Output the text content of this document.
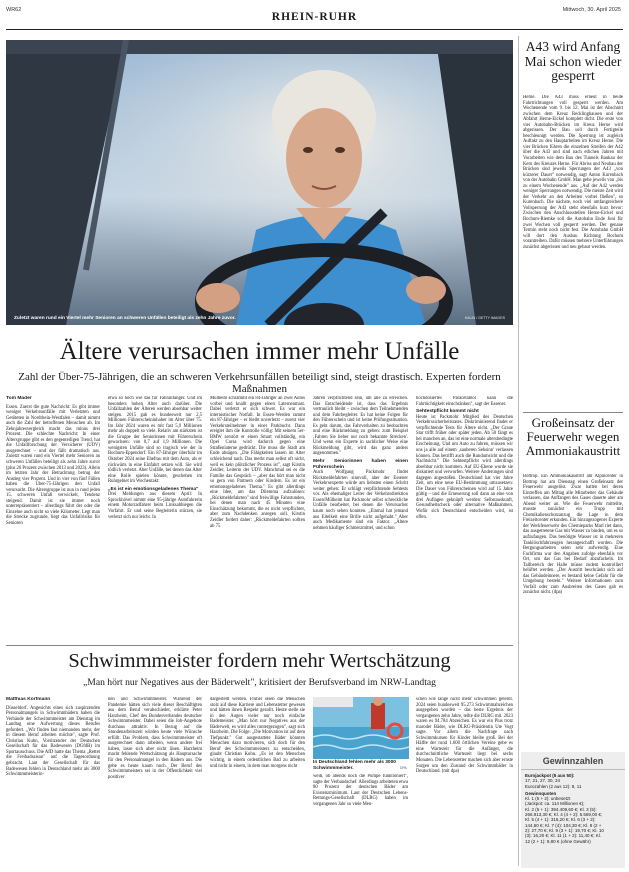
WR62
RHEIN-RUHR
Mittwoch, 30. April 2025
Zuletzt waren rund ein Viertel mehr Senioren an schweren Unfällen beteiligt als zehn Jahre zuvor.	KALIN / GETTY IMAGES
Ältere verursachen immer mehr Unfälle
Zahl der Über-75-Jährigen, die an schweren Verkehrsunfällen beteiligt sind, steigt drastisch. Experten fordern Maßnahmen
Tom Mader
Essen. Zuerst die gute Nachricht: Es gibt immer weniger Verkehrsunfälle mit Verletzten und Getöteten in Nordrhein-Westfalen – damit nimmt auch die Zahl der betroffenen Menschen ab. Im Zehnjahresvergleich macht das minus drei Prozent. Die schlechte Nachricht: In einer Altersgruppe gibt es den gegenteiligen Trend, hat die Unfallforschung der Versicherer (UDV) ausgerechnet – und der fällt dramatisch aus. Zuletzt waren rund ein Viertel mehr Senioren an schweren Unfällen beteiligt als zehn Jahre zuvor (plus 26 Prozent zwischen 2013 und 2023). Allein im letzten Jahr der Betrachtung betrug der Anstieg vier Prozent. Und in vier von fünf Fällen haben die Über-75-Jährigen den Unfall verursacht. Die Altersgruppe ist nun in rund jeden 15. schweren Unfall verwickelt, Tendenz steigend. Damit ist sie immer noch unterrepräsentiert – allerdings führt der oder die Einzelne auch nicht so viele Kilometer. Legt man die Strecke zugrunde, liegt das Unfallrisiko für Senioren
etwa so hoch wie das für Fahranfänger. Und im besonders hohen Alter auch darüber. Die Unfallzahlen der Älteren werden absehbar weiter steigen. 2015 gab es bundesweit nur 2,5 Millionen Führerscheininhaber im Alter über 75. Im Jahr 2024 waren es mit fast 5,9 Millionen mehr als doppelt so viele. Relativ am stärksten ist die Gruppe der Seniorinnen mit Führerschein gewachsen: von 0,7 auf 1,9 Millionen. Die wenigsten Unfälle sind so tragisch wie der in Bochum-Eppendorf. Ein 87-Jähriger überfuhr im Oktober 2024 seine Ehefrau mit dem Auto, als er rückwärts in eine Einfahrt setzen will. Sie wird tödlich verletzt. Aber Unfälle, bei denen das Alter eine Rolle spielen könnte, geschehen im Ruhrgebiet im Wochentakt:
„Es ist ein emotionsgeladenes Thema"
Drei Meldungen aus diesem April: In Sprockhövel nimmt eine 95-jährige Autofahrerin einem Motorradfahrer beim Linksabbiegen die Vorfahrt. Er und seine Begleiterin stürzen, sie verletzt sich nur leicht. In
Mülheim schrammt ein 84-Jähriger an zwei Autos vorbei und knallt gegen einen Laternenmast. Dabei verletzt er sich schwer. Es war ein internistischer Notfall. In Essen-Werden rammt ein 87-Jähriger – er bleibt unverletzt – zuerst vier Verkehrsteilnehmer in einer Parkbucht. Dann ereiglet ihm die Kontrolle völlig: Mit seinem 5er-BMW zerstört er einen Smart vollständig, ein Opel Corsa wird dadurch gegen eine Straßenlaterne gedrückt. Die muss die Stadt am Ende absägen. „Die Fähigkeiten lassen im Alter schleichend nach. Das merkt man selbst oft nicht, weil es kein plötzlicher Prozess ist", sagt Kirstin Zeidler, Leiterin der UDV. Manchmal sei es die Familie das Gespräch – „aber das hört man nicht so gern von Partnern oder Kindern. Es ist ein emotionsgeladenes Thema." Es gibt allerdings eine Idee, um das Dilemma aufzulösen: „Rückmeldefahrten" sind freiwillige Fahrstunden, bei denen man nach 45 Minuten eine Einschätzung bekommt, die es nicht verpflichtet, aber zum Nachdenken anregen soll. Kirstin Zeidler fordert daher: „Rückmeldefahrten sollten ab 75
Jahren verpflichtend sein, um alle zu erreichen. Das Entscheidende ist, dass das Ergebnis vertraulich bleibt – zwischen dem Teilnehmenden und dem Fahrbegleiter. Es hat keine Folgen für den Führerschein und ist keine Prüfungssituation. Es geht darum, das Fahrverhalten zu beobachten und eine Rückmeldung zu geben: zum Beispiel ‚Fahren Sie lieber nur noch bekannte Strecken'. Und wenn ein Experte in sachlicher Weise eine Rückmeldung gibt, wird das ganz anders angenommen."
Mehr Seniorinnen haben einen Führerschein
Auch Wolfgang Packmohr findet Rückmeldefahrten sinnvoll, aber der Essener Verkehrsexperte würde am liebsten einen Schritt weiter gehen: Er schlägt verpflichtende Sehtests vor. Als ehemaliger Leiter der Verkehrsdirektion Essen/Mülheim hat Packmohr selbst schreckliche Unfälle bearbeitet, bei denen die Verursacher kaum noch sehen konnten. „Einmal hat jemand aus Eitelkeit eine Brille nicht aufgehabt." Aber auch Medikamente sind ein Faktor. „Ältere nehmen häufiger Schmerzmittel, und schon
hochdosiertes Paracetamol kann die Fahrtüchtigkeit einschränken", sagt der Essener.
Sehtestpflicht kommt nicht
Heute ist Packmohr Mitglied des Deutschen Verkehrssicherheitsrates. Diskriminierend findet er verpflichtende Tests für Ältere nicht. „Der Graue Star trifft früher oder später jeden. Ab 50 fängt es bei manchen an, das ist eine normale altersbedingte Erscheinung. Und um Auto zu fahren, müssen wir uns ja alle auf einem ‚sauberen Sehsinn' verlassen können. Das betrifft auch die Rundumsicht und die Nachtsicht." Die Sehtestpflicht wird allerdings absehbar nicht kommen. Auf EU-Ebene wurde sie diskutiert und verworfen. Weitere Änderungen sind dagegen angestoßen. Deutschland hat vier Jahre Zeit, um eine neue EU-Bestimmung umzusetzen: Die Dauer von Führerscheinen wird auf 15 Jahre gültig – und die Erneuerung soll dann an eine von drei Auflagen geknüpft werden: Selbstauskunft, Gesundheitscheck oder alternative Maßnahmen. Wofür sich Deutschland entscheiden wird, ist offen.
Schwimmmeister fordern mehr Wertschätzung
„Man hört nur Negatives aus der Bäderwelt", kritisiert der Berufsverband im NRW-Landtag
Matthias Korfmann
Düsseldorf. Angesichts eines sich zuspitzenden Personalmangels in Schwimmbädern haben die Verbände der Schwimmmeister am Dienstag im Landtag eine Aufwertung dieses Berufes gefordert. „Wir finden fast niemanden mehr, der in diesem Beruf arbeiten möchte", sagte Prof. Christian Kuhn, Vorsitzender der Deutschen Gesellschaft für das Badewesen (DGfdB) im Sportausschuss. Die AfD hatte das Thema „Rettet die Freibadsaison" auf die Tagesordnung gebracht. Laut der Gesellschaft für das Badewesen fehlen in Deutschland mehr als 3000 Schwimmmeisterin-
nen und Schwimmmeister. Während der Pandemie hätten sich viele dieser Beschäftigten aus dem Beruf verabschiedet, erklärte Peter Harzheim, Chef des Bundesverbandes deutscher Schwimmmeister. Dabei seien die Job-Angebote durchaus attraktiv. In Bezug auf die Stundenarbeitszeit würden heute viele Wünsche erfüllt. Das Problem, dass Schwimmmeister oft ausgerechnet dann arbeiten, wenn andere frei haben, lasse sich aber nicht lösen. Harzheim macht fehlende Wertschätzung als Hauptursache für den Personalmangel in den Bädern aus. Die gebe es heute kaum noch. Der Beruf des Schwimmmeisters sei in der Öffentlichkeit viel positiver
dargestellt werden. Früher seien die Menschen stolz auf diese Karriere und Lebensretter gewesen und hätten ihnen Respekt gezollt. Heute stelle sie in den Augen vieler nur noch einfache Bademeister. „Man hört nur Negatives aus der Bäderwelt, es wird alles runtergezogen", sagt sich Harzheim. Die Folge: „Die Motivation ist auf dem Tiefpunkt." Gut ausgestattete Bäder könnten Menschen dazu motivieren, sich doch für den Beruf des Schwimmmeisters zu entscheiden, glaubt Christian Kuhn. „Es ist den Menschen wichtig, in einem ordentlichen Bad zu arbeiten und nicht in einem, in dem man morgens nicht
In Deutschland fehlen mehr als 3000 Schwimmmeister.	DPA
weiß, ob abends noch die Pumpe funktioniert", sagte der Verbandschef. Allerdings arbeiteten etwa 80 Prozent der deutschen Bäder am Existenzminimum. Laut der Deutschen Lebens-Rettungs-Gesellschaft (DLRG) haben im vergangenen Jahr so viele Men-
schen wie lange nicht mehr schwimmen gelernt. 2024 seien bundesweit 95.273 Schwimmabzeichen ausgegeben worden – das beste Ergebnis der vergangenen zehn Jahre, teilte die DLRG mit. 2023 waren es 94.784 Abzeichen. Es war ein Plus trotz maroder Bäder, wie DLRG-Präsidentin Ute Vogt sagte. Vor allem die Nachfrage nach Schwimmkursen für Kinder bleibe groß. Bei der Hälfte der rund 1.600 örtlichen Vereine gebe es eine Wartezeit für die Anfänger, die durchschnittliche Wartezeit liegt bei sechs Monaten. Die Lebensretter machen sich aber ernste Sorgen um den Zustand der Schwimmbäder in Deutschland. (mit dpa)
A43 wird Anfang Mai schon wieder gesperrt
Herne. Die A43 muss erneut in beide Fahrtrichtungen voll gesperrt werden. Am Wochenende vom 9. bis 12. Mai ist der Abschnitt zwischen dem Kreuz Recklinghausen und der Abfahrt Herne-Eickel komplett dicht. Die erste von vier Autobahn-Brücken im Kreuz Herne wird abgerissen. Der Bau soll durch Fertigteile beschleunigt werden. Die Sperrung ist zugleich Auftakt zu den Hauptarbeiten im Kreuz Herne. Die vier Brücken führen die einzelnen Streifen der A42 über die A43 und sind nach etlichen Jahren mit Vorarbeiten wie dem Bau des Tunnels Baukau der Kern des Kreuzes Herne. Für Abriss und Neubau der Brücken sind jeweils Sperrungen der A43 „von kürzerer Dauer" notwendig, sagt Anton Kurenbach von der Autobahn GmbH. Man gehe jeweils von „bis zu einem Wochenende" aus. „Auf der A42 werden weniger Sperrungen notwendig. Die meiste Zeit wird der Verkehr an den Arbeiten vorbei fließen", so Kurenbach. Die nächste, noch viel umfangreichere Vollsperrung der A43 steht ebenfalls kurz bevor: Zwischen den Anschlussstellen Herne-Eickel und Bochum-Riemke soll die Autobahn Ende Juni für zwei Wochen voll gesperrt werden. Der genaue Termin steht noch nicht fest. Die Autobahn GmbH will dort den Ausbau Richtung Bochum vorantreiben. Dafür müssen mehrere Unterführungen zunächst abgerissen und neu gebaut werden.
Großeinsatz der Feuerwehr wegen Ammoniakaustritt
Bottrop. Ein Ammoniakaustritt am Alpincenter in Bottrop hat am Dienstag einen Großeinsatz der Feuerwehr ausgelöst. Zwar hatten bei deren Eintreffen am Mittag alle Mitarbeiter das Gebäude verlassen, das Auffangen des Gases dauerte aber am Abend weiter an. Wie die Feuerwehr mitteilte, musste zunächst ein Trupp mit Chemikalienschutzanzug die Lage in dem Freizeitcenter erkunden. Ein hinzugezogener Experte der Werkfeuerwehr des Chemieparks Marl riet dann, das ausgetretene Gas mit Wasser zu binden, um es so aufzufangen. Das benötigte Wasser ist in mehreren Tanklöschfahrzeugen herangeschafft worden. Die Bergungsarbeiten seien sehr aufwendig. Eine Fachfirma war den Angaben zufolge ebenfalls vor Ort, um das Gas bei Bedarf abzufackeln. Im Tallbereich der Halle müsse zudem kontrolliert belüftet werden. „Der Austritt beschränkt sich auf das Gebäudeinnere, es bestand keine Gefahr für die Umgebung besteht." Weitere Informationen zum Vorfall oder zum Ausbreiten des Gases gab es zunächst nicht. (dpa)
Gewinnzahlen
Eurojackpot (5 aus 50):
17, 21, 27, 30, 34
Eurozahlen (2 aus 12): 8, 11
Gewinnquoten
Kl. 1 (5 + 2): unbesetzt
(Jackpot: ca. 114 Millionen €);
Kl. 2 (5 + 1): 394.409,60 €; Kl. 3 (5):
266.913,30 €; Kl. 4 (4 + 2): 5.569,00 €;
Kl. 5 (4 + 1): 316,20 €; Kl. 6 (3 + 2):
144,60 €; Kl. 7 (4): 104,30 €; Kl. 8 (2 +
2): 27,70 €; Kl. 9 (3 + 1): 19,70 €; Kl. 10
(3): 16,20 €; Kl. 11 (1 + 2): 11,40 €; Kl.
12 (2 + 1): 9,80 € (ohne Gewähr)
